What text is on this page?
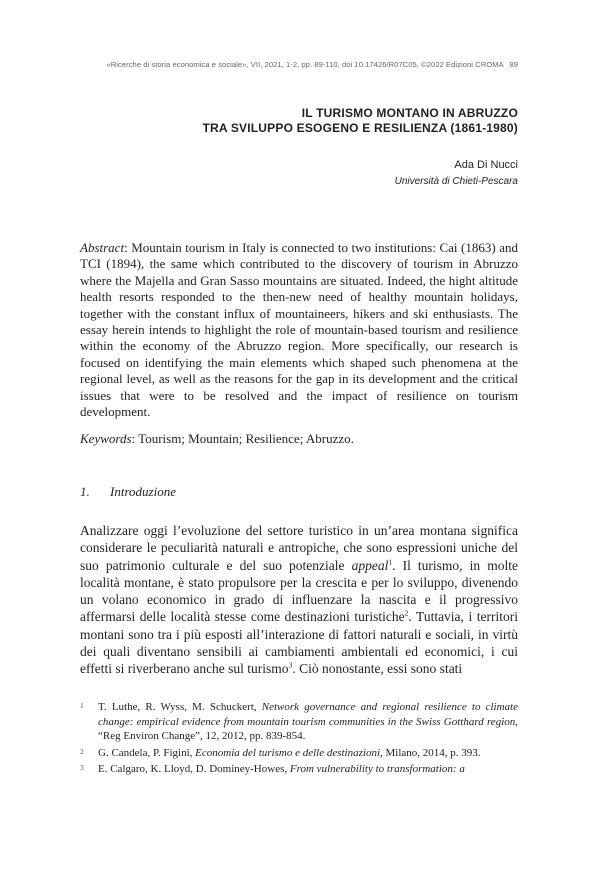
«Ricerche di storia economica e sociale», VII, 2021, 1-2, pp. 89-110, doi 10.17426/R07C05, ©2022 Edizioni CROMA 89
IL TURISMO MONTANO IN ABRUZZO
TRA SVILUPPO ESOGENO E RESILIENZA (1861-1980)
Ada Di Nucci
Università di Chieti-Pescara

Abstract: Mountain tourism in Italy is connected to two institutions: Cai (1863) and TCI (1894), the same which contributed to the discovery of tourism in Abruzzo where the Majella and Gran Sasso mountains are situated. Indeed, the hight altitude health resorts responded to the then-new need of healthy mountain holidays, together with the constant influx of mountaineers, hikers and ski enthusiasts. The essay herein intends to highlight the role of mountain-based tourism and resilience within the economy of the Abruzzo region. More specifically, our research is focused on identifying the main elements which shaped such phenomena at the regional level, as well as the reasons for the gap in its development and the critical issues that were to be resolved and the impact of resilience on tourism development.

Keywords: Tourism; Mountain; Resilience; Abruzzo.

1. Introduzione

Analizzare oggi l’evoluzione del settore turistico in un’area montana significa considerare le peculiarità naturali e antropiche, che sono espressioni uniche del suo patrimonio culturale e del suo potenziale appeal$^1$. Il turismo, in molte località montane, è stato propulsore per la crescita e per lo sviluppo, divenendo un volano economico in grado di influenzare la nascita e il progressivo affermarsi delle località stesse come destinazioni turistiche$^2$. Tuttavia, i territori montani sono tra i più esposti all’interazione di fattori naturali e sociali, in virtù dei quali diventano sensibili ai cambiamenti ambientali ed economici, i cui effetti si riverberano anche sul turismo$^3$. Ciò nonostante, essi sono stati

1 T. Luthe, R. Wyss, M. Schuckert, Network governance and regional resilience to climate change: empirical evidence from mountain tourism communities in the Swiss Gotthard region, “Reg Environ Change”, 12, 2012, pp. 839-854.
2 G. Candela, P. Figini, Economia del turismo e delle destinazioni, Milano, 2014, p. 393.
3 E. Calgaro, K. Lloyd, D. Dominey-Howes, From vulnerability to transformation: a
